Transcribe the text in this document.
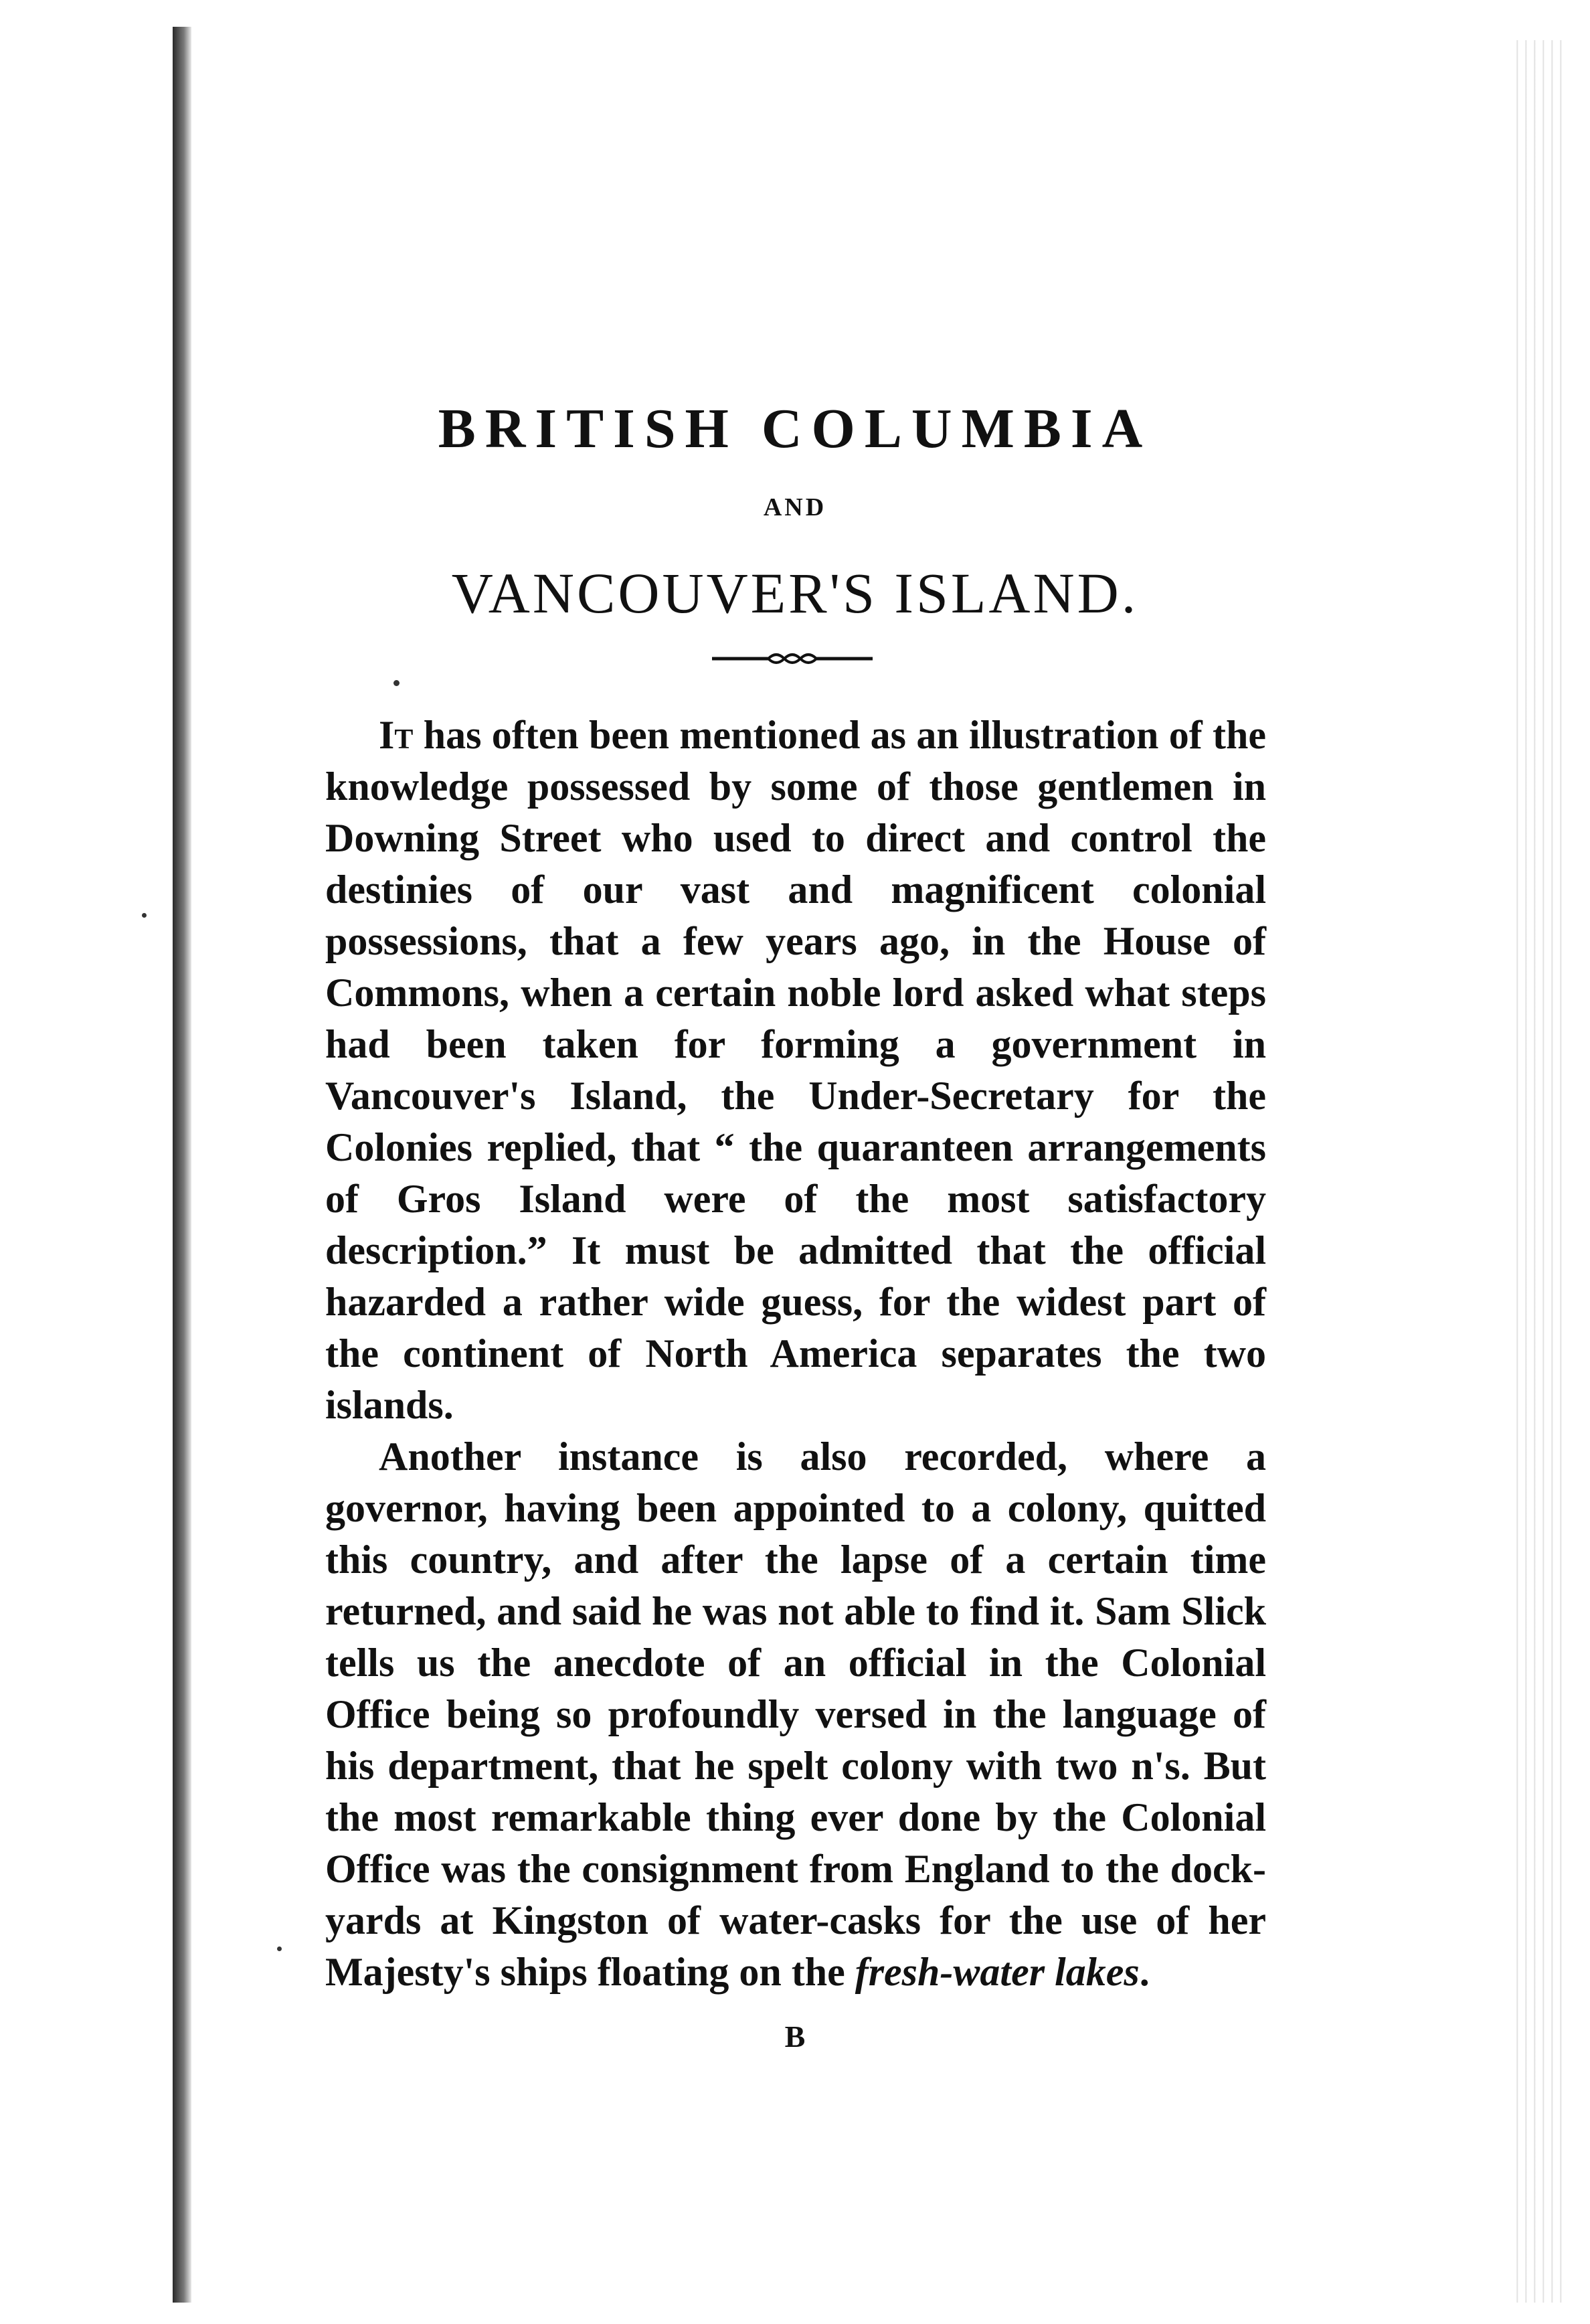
BRITISH COLUMBIA
AND
VANCOUVER'S ISLAND.

It has often been mentioned as an illustration of the knowledge possessed by some of those gentlemen in Downing Street who used to direct and control the destinies of our vast and magnificent colonial possessions, that a few years ago, in the House of Commons, when a certain noble lord asked what steps had been taken for forming a government in Vancouver's Island, the Under-Secretary for the Colonies replied, that “ the quaranteen arrangements of Gros Island were of the most satisfactory description.” It must be admitted that the official hazarded a rather wide guess, for the widest part of the continent of North America separates the two islands.

Another instance is also recorded, where a governor, having been appointed to a colony, quitted this country, and after the lapse of a certain time returned, and said he was not able to find it. Sam Slick tells us the anecdote of an official in the Colonial Office being so profoundly versed in the language of his department, that he spelt colony with two n's. But the most remarkable thing ever done by the Colonial Office was the consignment from England to the dock-yards at Kingston of water-casks for the use of her Majesty's ships floating on the fresh-water lakes.

B
